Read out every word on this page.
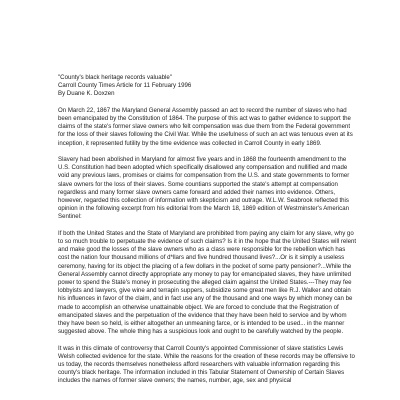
"County's black heritage records valuable"
Carroll County Times Article for 11 February 1996
By Duane K. Doxzen

On March 22, 1867 the Maryland General Assembly passed an act to record the number of slaves who had been emancipated by the Constitution of 1864. The purpose of this act was to gather evidence to support the claims of the state's former slave owners who felt compensation was due them from the Federal government for the loss of their slaves following the Civil War. While the usefulness of such an act was tenuous even at its inception, it represented futility by the time evidence was collected in Carroll County in early 1869.

Slavery had been abolished in Maryland for almost five years and in 1868 the fourteenth amendment to the U.S. Constitution had been adopted which specifically disallowed any compensation and nullified and made void any previous laws, promises or claims for compensation from the U.S. and state governments to former slave owners for the loss of their slaves. Some countians supported the state's attempt at compensation regardless and many former slave owners came forward and added their names into evidence. Others, however, regarded this collection of information with skepticism and outrage. W.L.W. Seabrook reflected this opinion in the following excerpt from his editorial from the March 18, 1869 edition of Westminster's American Sentinel:

If both the United States and the State of Maryland are prohibited from paying any claim for any slave, why go to so much trouble to perpetuate the evidence of such claims? Is it in the hope that the United States will relent and make good the losses of the slave owners who as a class were responsible for the rebellion which has cost the nation four thousand millions of d*llars and five hundred thousand lives?...Or is it simply a useless ceremony, having for its object the placing of a few dollars in the pocket of some party pensioner?...While the General Assembly cannot directly appropriate any money to pay for emancipated slaves, they have unlimited power to spend the State's money in prosecuting the alleged claim against the United States.---They may fee lobbyists and lawyers, give wine and terrapin suppers, subsidize some great men like R.J. Walker and obtain his influences in favor of the claim, and in fact use any of the thousand and one ways by which money can be made to accomplish an otherwise unattainable object. We are forced to conclude that the Registration of emancipated slaves and the perpetuation of the evidence that they have been held to service and by whom they have been so held, is either altogether an unmeaning farce, or is intended to be used... in the manner suggested above. The whole thing has a suspicious look and ought to be carefully watched by the people.

It was in this climate of controversy that Carroll County's appointed Commissioner of slave statistics Lewis Welsh collected evidence for the state. While the reasons for the creation of these records may be offensive to us today, the records themselves nonetheless afford researchers with valuable information regarding this county's black heritage. The information included in this Tabular Statement of Ownership of Certain Slaves includes the names of former slave owners; the names, number, age, sex and physical
